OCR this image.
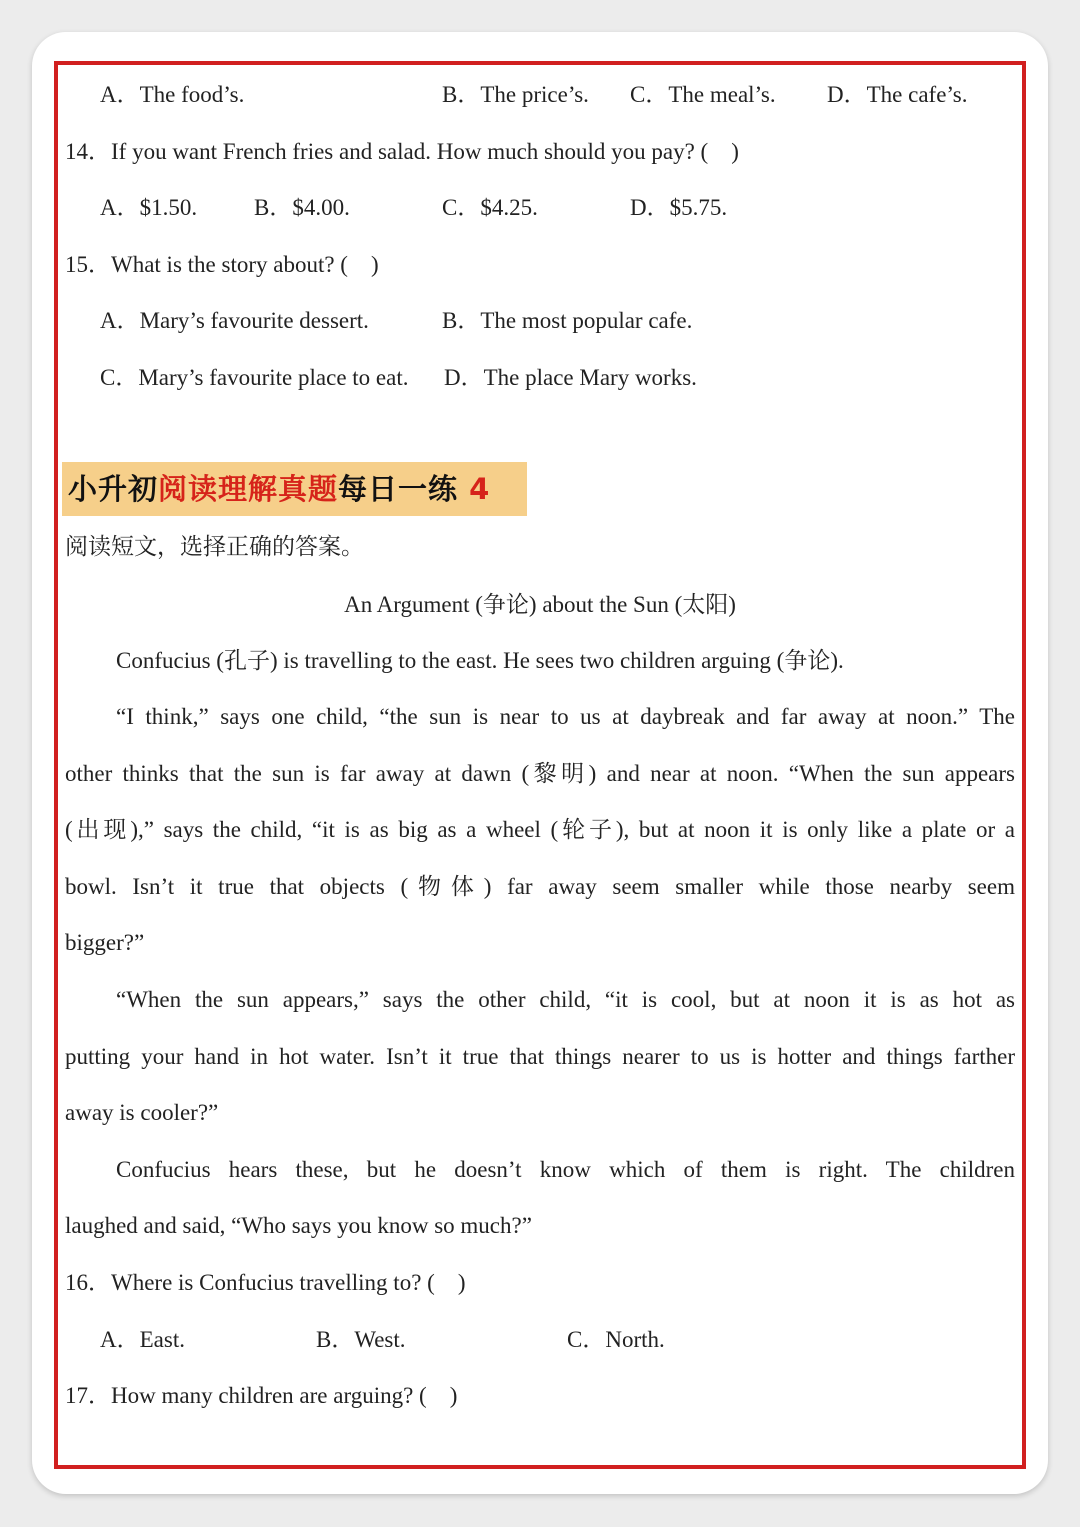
A．The food’s.	B．The price’s. C．The meal’s. D．The cafe’s.
14．If you want French fries and salad. How much should you pay? (　)
A．$1.50. B．$4.00.	C．$4.25.	D．$5.75.
15．What is the story about? (　)
A．Mary’s favourite dessert.	B．The most popular cafe.
C．Mary’s favourite place to eat. D．The place Mary works.
小升初阅读理解真题每日一练 4
阅读短文，选择正确的答案。
An Argument (争论) about the Sun (太阳)
Confucius (孔子) is travelling to the east. He sees two children arguing (争论).
“I think,” says one child, “the sun is near to us at daybreak and far away at noon.” The
other thinks that the sun is far away at dawn (黎明) and near at noon. “When the sun appears
(出现),” says the child, “it is as big as a wheel (轮子), but at noon it is only like a plate or a
bowl. Isn’t it true that objects (物体) far away seem smaller while those nearby seem
bigger?”
“When the sun appears,” says the other child, “it is cool, but at noon it is as hot as
putting your hand in hot water. Isn’t it true that things nearer to us is hotter and things farther
away is cooler?”
Confucius hears these, but he doesn’t know which of them is right. The children
laughed and said, “Who says you know so much?”
16．Where is Confucius travelling to? (　)
A．East.	B．West.	C．North.
17．How many children are arguing? (　)
